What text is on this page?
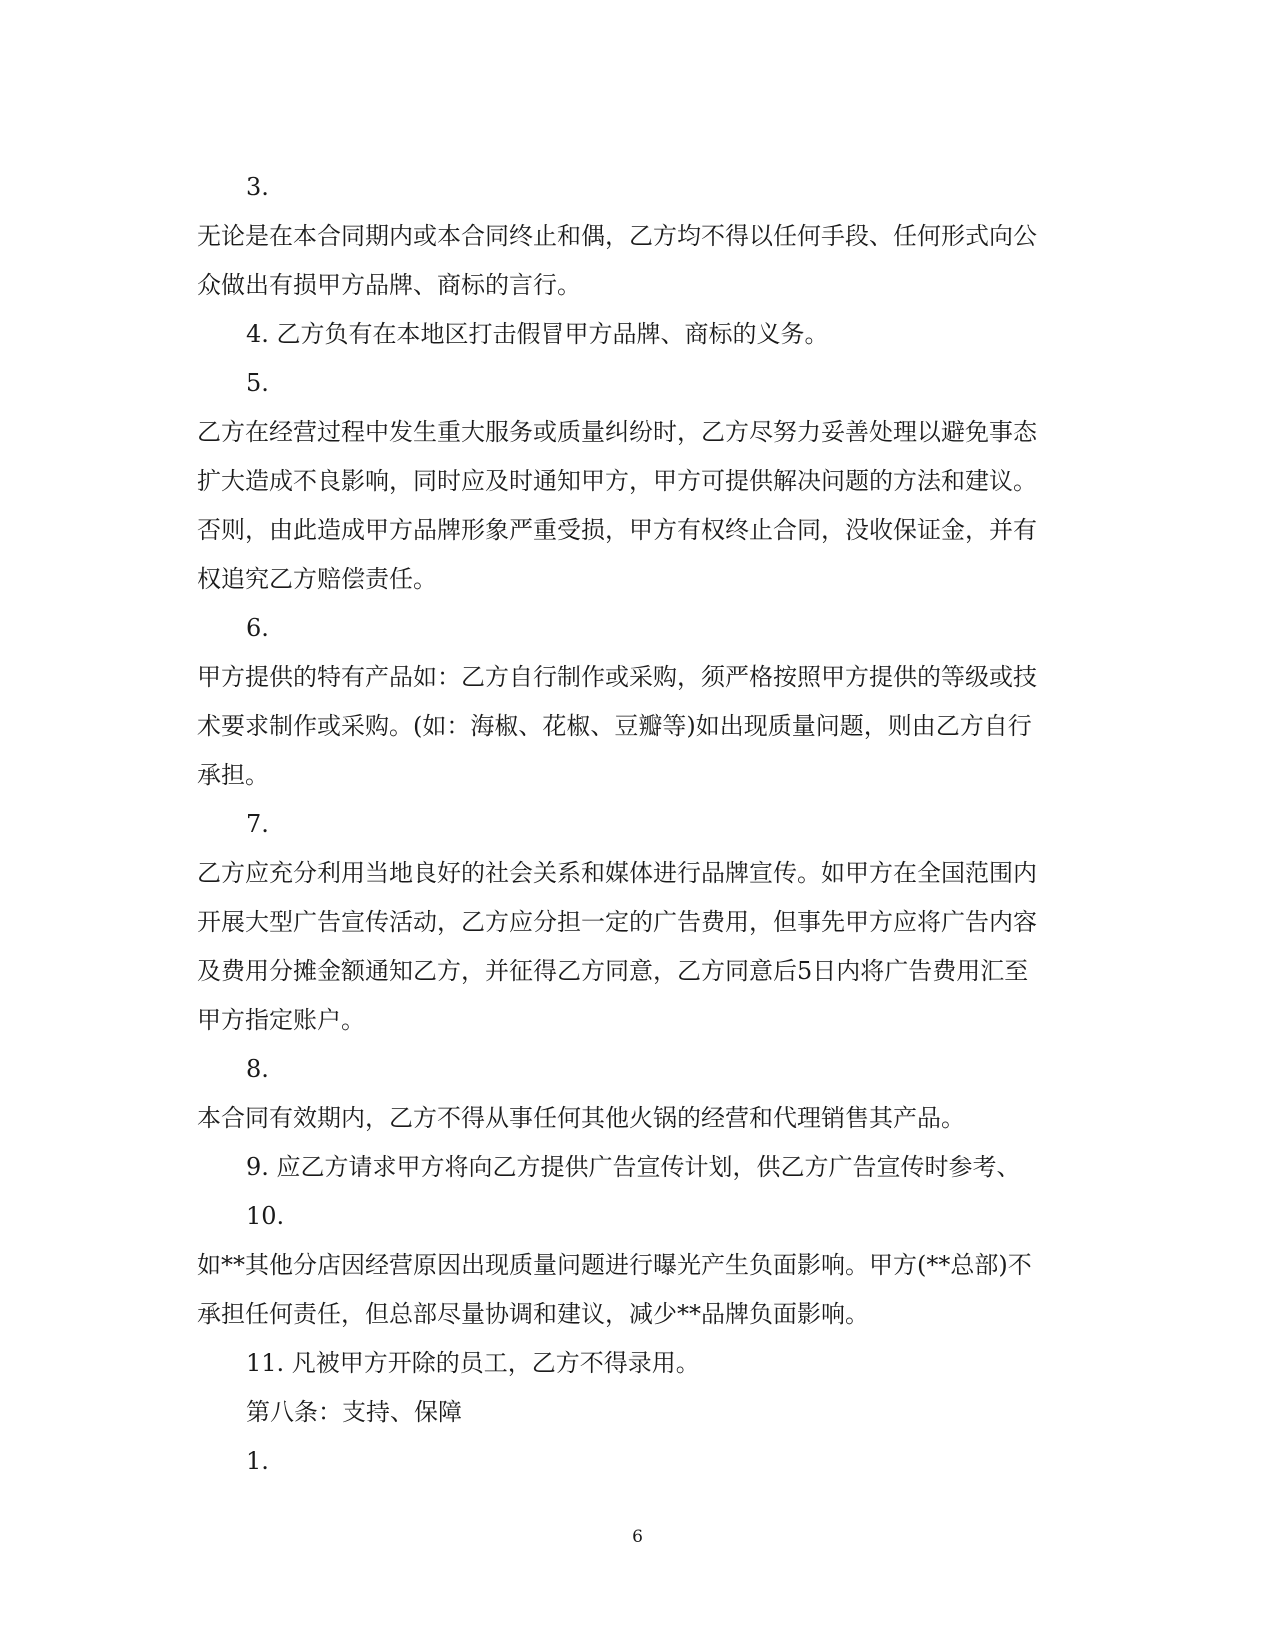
3.
无论是在本合同期内或本合同终止和偶，乙方均不得以任何手段、任何形式向公
众做出有损甲方品牌、商标的言行。
4. 乙方负有在本地区打击假冒甲方品牌、商标的义务。
5.
乙方在经营过程中发生重大服务或质量纠纷时，乙方尽努力妥善处理以避免事态
扩大造成不良影响，同时应及时通知甲方，甲方可提供解决问题的方法和建议。
否则，由此造成甲方品牌形象严重受损，甲方有权终止合同，没收保证金，并有
权追究乙方赔偿责任。
6.
甲方提供的特有产品如：乙方自行制作或采购，须严格按照甲方提供的等级或技
术要求制作或采购。(如：海椒、花椒、豆瓣等)如出现质量问题，则由乙方自行
承担。
7.
乙方应充分利用当地良好的社会关系和媒体进行品牌宣传。如甲方在全国范围内
开展大型广告宣传活动，乙方应分担一定的广告费用，但事先甲方应将广告内容
及费用分摊金额通知乙方，并征得乙方同意，乙方同意后5日内将广告费用汇至
甲方指定账户。
8.
本合同有效期内，乙方不得从事任何其他火锅的经营和代理销售其产品。
9. 应乙方请求甲方将向乙方提供广告宣传计划，供乙方广告宣传时参考、
10.
如**其他分店因经营原因出现质量问题进行曝光产生负面影响。甲方(**总部)不
承担任何责任，但总部尽量协调和建议，减少**品牌负面影响。
11. 凡被甲方开除的员工，乙方不得录用。
第八条：支持、保障
1.
6
